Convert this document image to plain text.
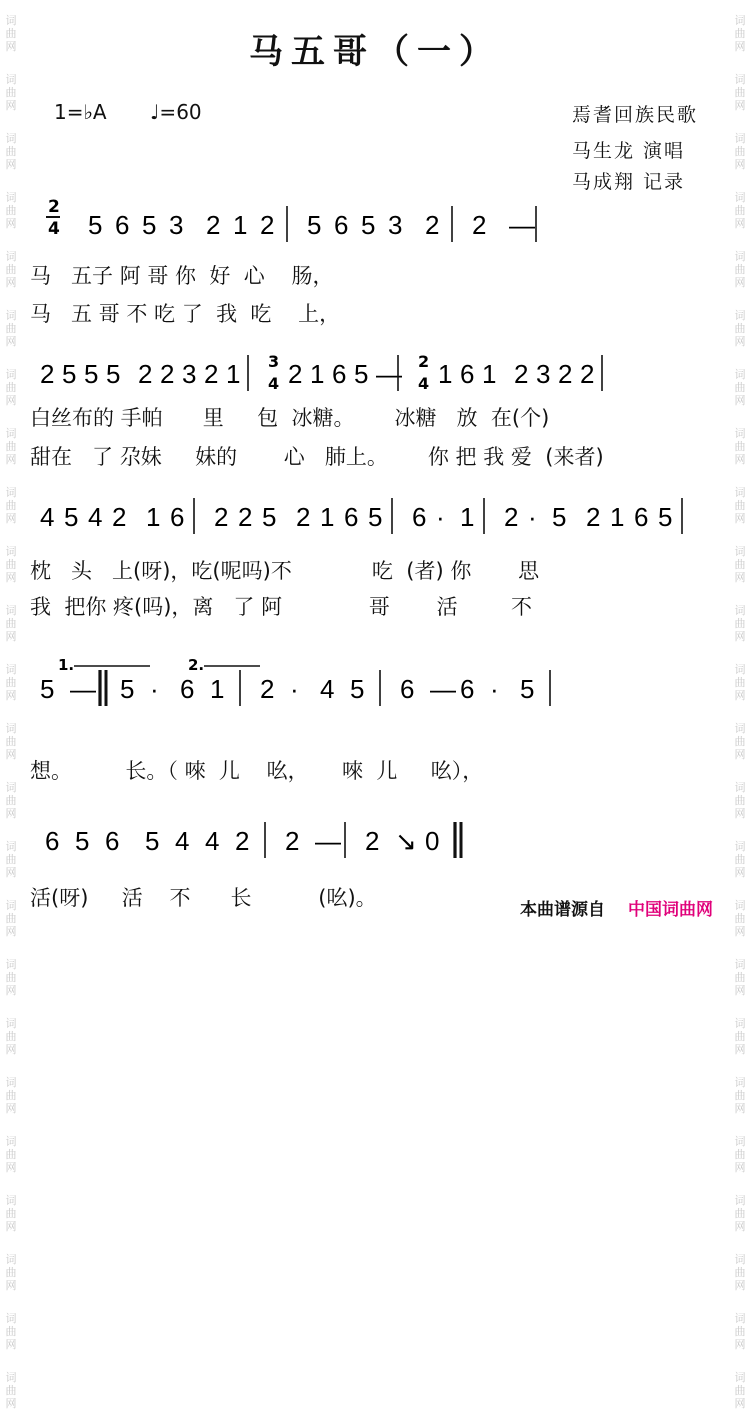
词
曲
网
词
曲
网
词
曲
网
词
曲
网
词
曲
网
词
曲
网
词
曲
网
词
曲
网
词
曲
网
词
曲
网
词
曲
网
词
曲
网
词
曲
网
词
曲
网
词
曲
网
词
曲
网
词
曲
网
词
曲
网
词
曲
网
词
曲
网
词
曲
网
词
曲
网
词
曲
网
词
曲
网
词
曲
网
词
曲
网
词
曲
网
词
曲
网
词
曲
网
词
曲
网
词
曲
网
词
曲
网
词
曲
网
词
曲
网
词
曲
网
词
曲
网
词
曲
网
词
曲
网
词
曲
网
词
曲
网
词
曲
网
词
曲
网
词
曲
网
词
曲
网
词
曲
网
词
曲
网
词
曲
网
词
曲
网
马五哥（一）
1=♭A ♩=60	焉耆回族民歌
马生龙 演唱
马成翔 记录
2
4 5 6 5 3 2 1 2 5 6 5 3 2 2 —
马   五子 阿 哥 你  好  心    肠，
马   五 哥 不 吃 了  我  吃    上，
2 5 5 5 2 2 3 2 1 3
4 2 1 6 5 — 2
4 1 6 1 2 3 2 2
白丝布的 手帕      里     包  冰糖。      冰糖   放  在(个)
甜在   了 尕妹     妹的       心   肺上。      你 把 我 爱  (来者)
4 5 4 2 1 6 2 2 5 2 1 6 5 6 · 1 2 · 5 2 1 6 5
枕   头   上(呀)，吃(呢吗)不            吃  (者) 你       思
我  把你 疼(吗)，离   了 阿             哥       活        不
1.	2.
5 — 5 · 6 1 2 · 4 5 6 — 6 · 5
想。        长。（ 唻  儿    吆，     唻  儿     吆），
6 5 6 5 4 4 2 2 — 2 ↘ 0
活(呀)     活    不      长          (吆)。	本曲谱源自 中国词曲网
